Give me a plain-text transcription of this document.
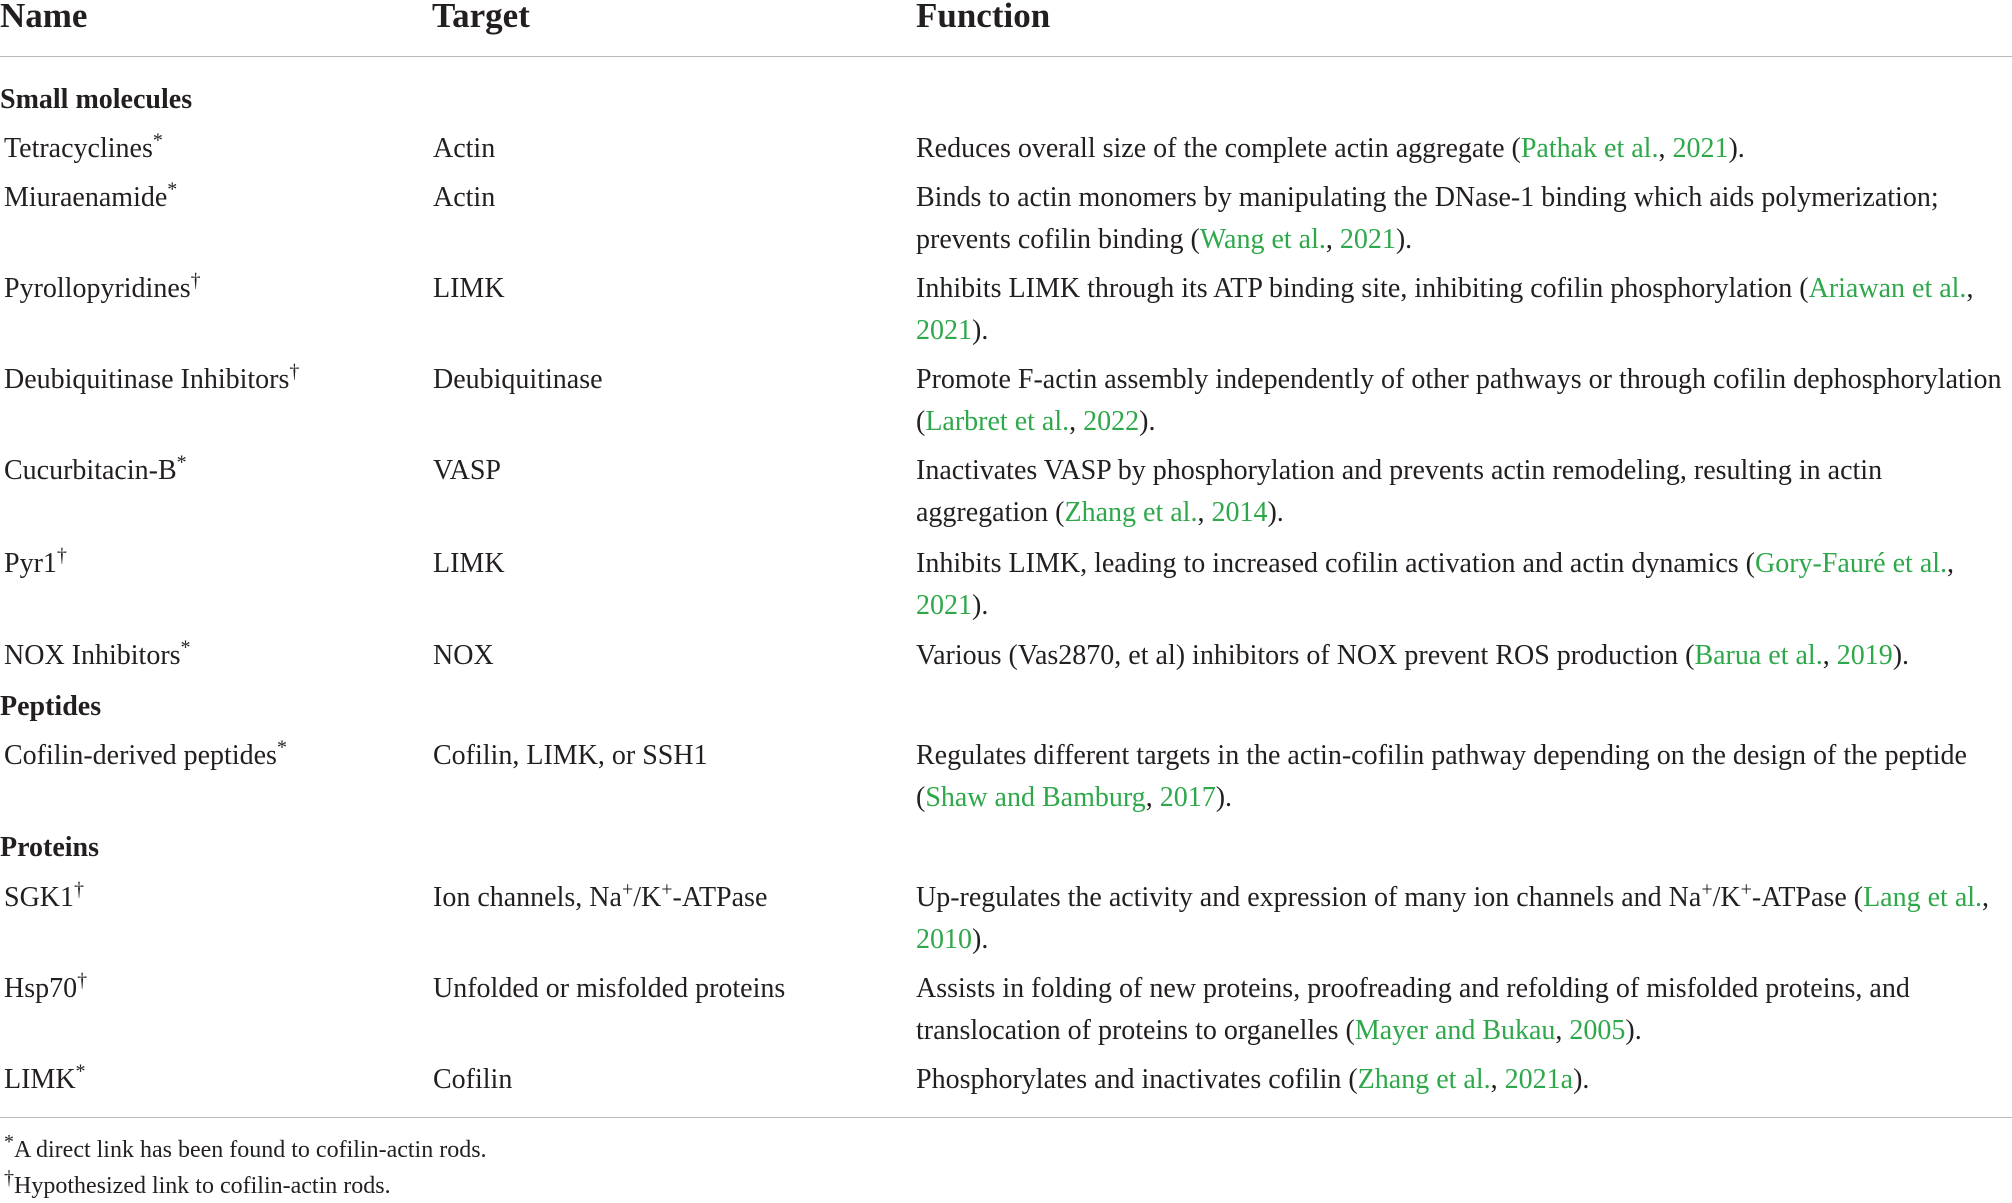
Name	Target	Function
Small molecules
Tetracyclines*	Actin	Reduces overall size of the complete actin aggregate (Pathak et al., 2021).
Miuraenamide*	Actin	Binds to actin monomers by manipulating the DNase-1 binding which aids polymerization; prevents cofilin binding (Wang et al., 2021).
Pyrollopyridines†	LIMK	Inhibits LIMK through its ATP binding site, inhibiting cofilin phosphorylation (Ariawan et al., 2021).
Deubiquitinase Inhibitors†	Deubiquitinase	Promote F-actin assembly independently of other pathways or through cofilin dephosphorylation (Larbret et al., 2022).
Cucurbitacin-B*	VASP	Inactivates VASP by phosphorylation and prevents actin remodeling, resulting in actin aggregation (Zhang et al., 2014).
Pyr1†	LIMK	Inhibits LIMK, leading to increased cofilin activation and actin dynamics (Gory-Fauré et al., 2021).
NOX Inhibitors*	NOX	Various (Vas2870, et al) inhibitors of NOX prevent ROS production (Barua et al., 2019).
Peptides
Cofilin-derived peptides*	Cofilin, LIMK, or SSH1	Regulates different targets in the actin-cofilin pathway depending on the design of the peptide (Shaw and Bamburg, 2017).
Proteins
SGK1†	Ion channels, Na+/K+-ATPase	Up-regulates the activity and expression of many ion channels and Na+/K+-ATPase (Lang et al., 2010).
Hsp70†	Unfolded or misfolded proteins	Assists in folding of new proteins, proofreading and refolding of misfolded proteins, and translocation of proteins to organelles (Mayer and Bukau, 2005).
LIMK*	Cofilin	Phosphorylates and inactivates cofilin (Zhang et al., 2021a).
*A direct link has been found to cofilin-actin rods.
†Hypothesized link to cofilin-actin rods.
